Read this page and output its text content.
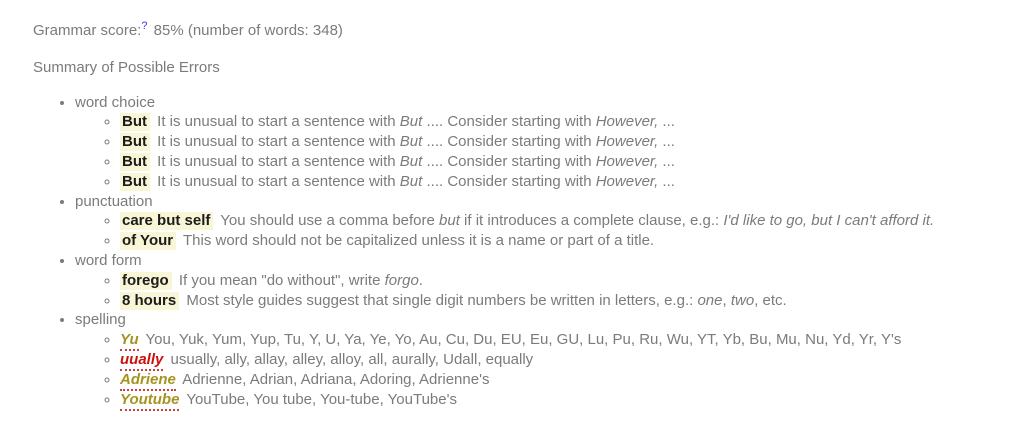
Grammar score:? 85% (number of words: 348)

Summary of Possible Errors
• word choice
◦ But It is unusual to start a sentence with But .... Consider starting with However, ...
◦ But It is unusual to start a sentence with But .... Consider starting with However, ...
◦ But It is unusual to start a sentence with But .... Consider starting with However, ...
◦ But It is unusual to start a sentence with But .... Consider starting with However, ...
• punctuation
◦ care but self You should use a comma before but if it introduces a complete clause, e.g.: I'd like to go, but I can't afford it.
◦ of Your This word should not be capitalized unless it is a name or part of a title.
• word form
◦ forego If you mean "do without", write forgo.
◦ 8 hours Most style guides suggest that single digit numbers be written in letters, e.g.: one, two, etc.
• spelling
◦ Yu You, Yuk, Yum, Yup, Tu, Y, U, Ya, Ye, Yo, Au, Cu, Du, EU, Eu, GU, Lu, Pu, Ru, Wu, YT, Yb, Bu, Mu, Nu, Yd, Yr, Y's
◦ uually usually, ally, allay, alley, alloy, all, aurally, Udall, equally
◦ Adriene Adrienne, Adrian, Adriana, Adoring, Adrienne's
◦ Youtube YouTube, You tube, You-tube, YouTube's
